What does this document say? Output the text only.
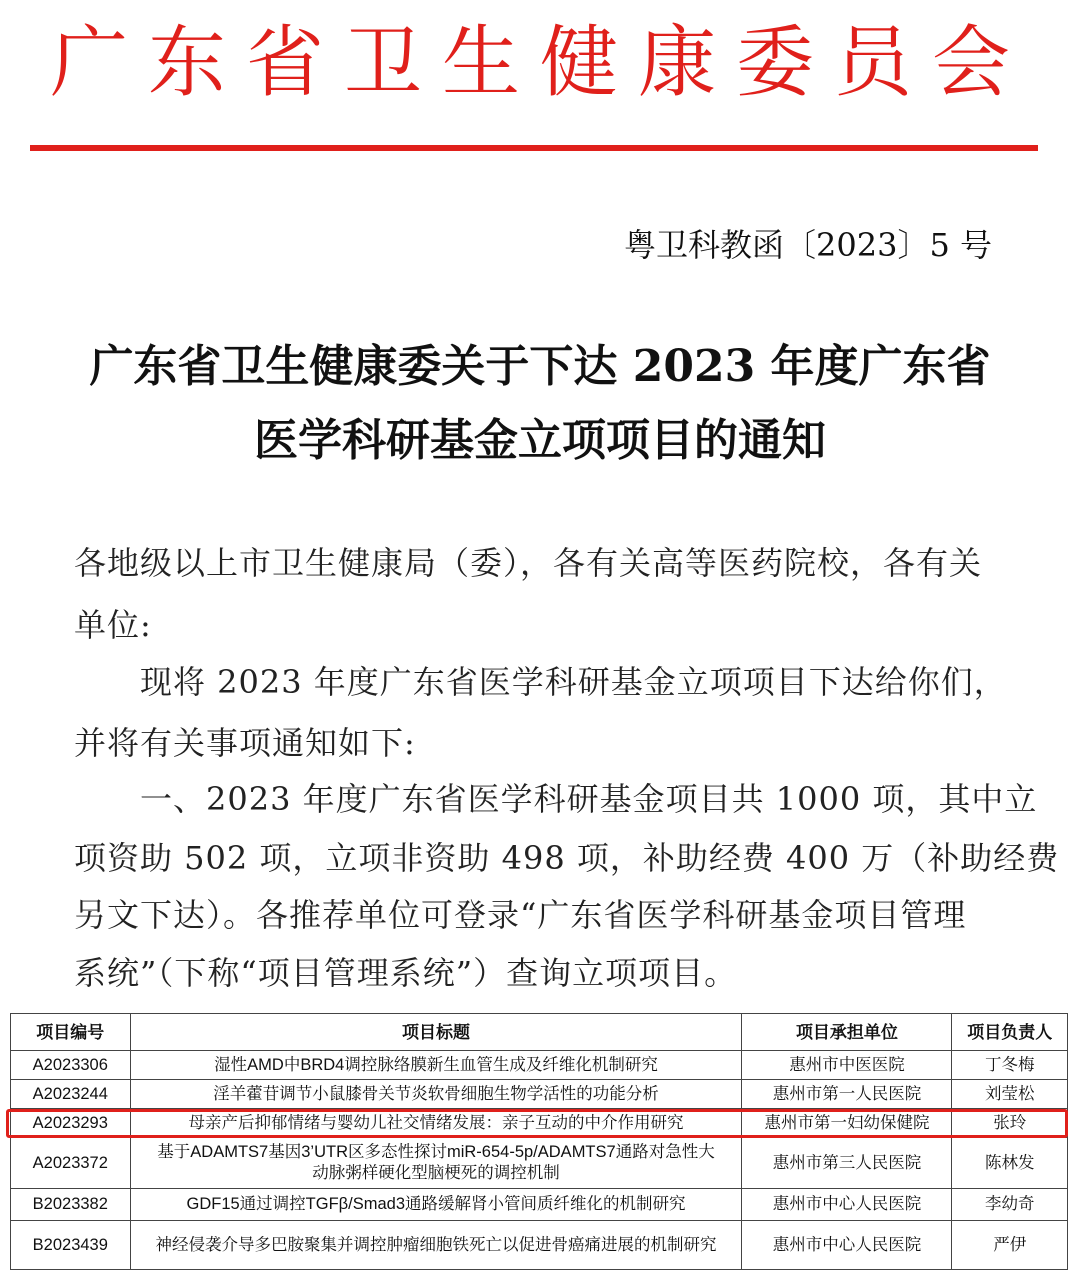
广东省卫生健康委员会
粤卫科教函〔2023〕5 号
广东省卫生健康委关于下达 2023 年度广东省
医学科研基金立项项目的通知
各地级以上市卫生健康局（委），各有关高等医药院校，各有关
单位:
　　现将 2023 年度广东省医学科研基金立项项目下达给你们，
并将有关事项通知如下:
　　一、2023 年度广东省医学科研基金项目共 1000 项，其中立
项资助 502 项，立项非资助 498 项，补助经费 400 万（补助经费
另文下达）。各推荐单位可登录“广东省医学科研基金项目管理
系统”（下称“项目管理系统”）查询立项项目。
项目编号	项目标题	项目承担单位	项目负责人
A2023306	湿性AMD中BRD4调控脉络膜新生血管生成及纤维化机制研究	惠州市中医医院	丁冬梅
A2023244	淫羊藿苷调节小鼠膝骨关节炎软骨细胞生物学活性的功能分析	惠州市第一人民医院	刘莹松
A2023293	母亲产后抑郁情绪与婴幼儿社交情绪发展：亲子互动的中介作用研究	惠州市第一妇幼保健院	张玲
A2023372	基于ADAMTS7基因3’UTR区多态性探讨miR-654-5p/ADAMTS7通路对急性大
动脉粥样硬化型脑梗死的调控机制	惠州市第三人民医院	陈林发
B2023382	GDF15通过调控TGFβ/Smad3通路缓解肾小管间质纤维化的机制研究	惠州市中心人民医院	李幼奇
B2023439	神经侵袭介导多巴胺聚集并调控肿瘤细胞铁死亡以促进骨癌痛进展的机制研究	惠州市中心人民医院	严伊
